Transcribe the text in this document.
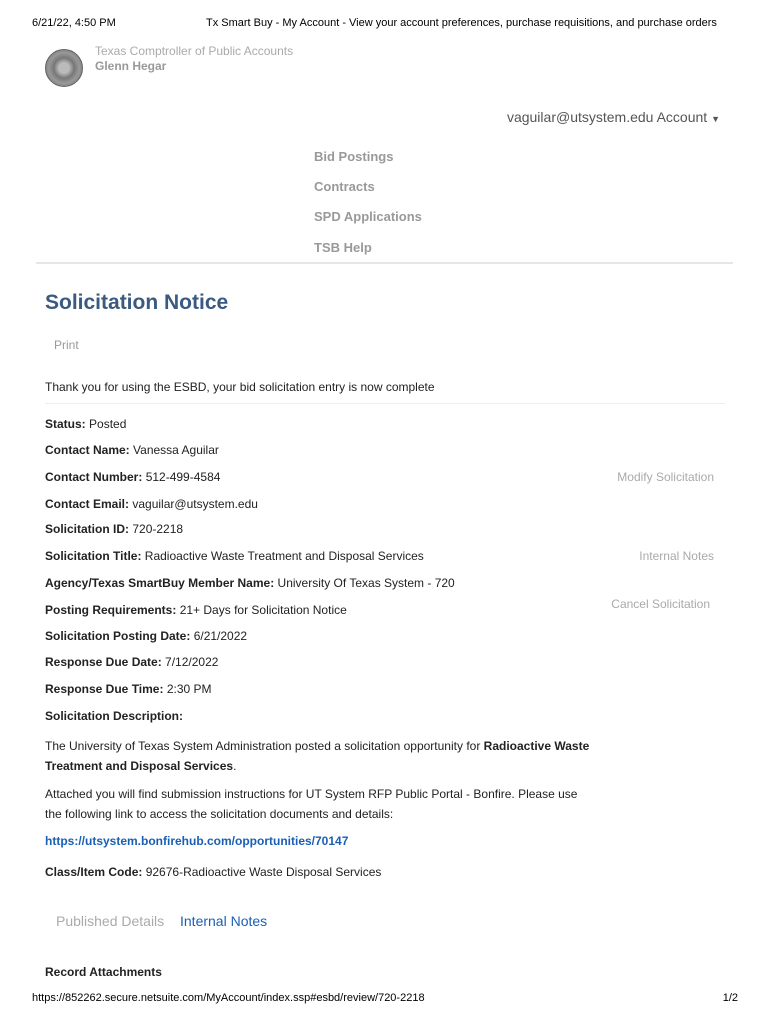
6/21/22, 4:50 PM	Tx Smart Buy - My Account - View your account preferences, purchase requisitions, and purchase orders
Texas Comptroller of Public Accounts
Glenn Hegar
vaguilar@utsystem.edu Account ▼
Bid Postings
Contracts
SPD Applications
TSB Help
Solicitation Notice
Print
Thank you for using the ESBD, your bid solicitation entry is now complete
Status: Posted
Contact Name: Vanessa Aguilar
Contact Number: 512-499-4584
Contact Email: vaguilar@utsystem.edu
Solicitation ID: 720-2218
Solicitation Title: Radioactive Waste Treatment and Disposal Services
Agency/Texas SmartBuy Member Name: University Of Texas System - 720
Posting Requirements: 21+ Days for Solicitation Notice
Solicitation Posting Date: 6/21/2022
Response Due Date: 7/12/2022
Response Due Time: 2:30 PM
Solicitation Description:
Modify Solicitation
Internal Notes
Cancel Solicitation
The University of Texas System Administration posted a solicitation opportunity for Radioactive Waste Treatment and Disposal Services.
Attached you will find submission instructions for UT System RFP Public Portal - Bonfire. Please use the following link to access the solicitation documents and details:
https://utsystem.bonfirehub.com/opportunities/70147
Class/Item Code: 92676-Radioactive Waste Disposal Services
Published Details Internal Notes
Record Attachments
https://852262.secure.netsuite.com/MyAccount/index.ssp#esbd/review/720-2218	1/2
